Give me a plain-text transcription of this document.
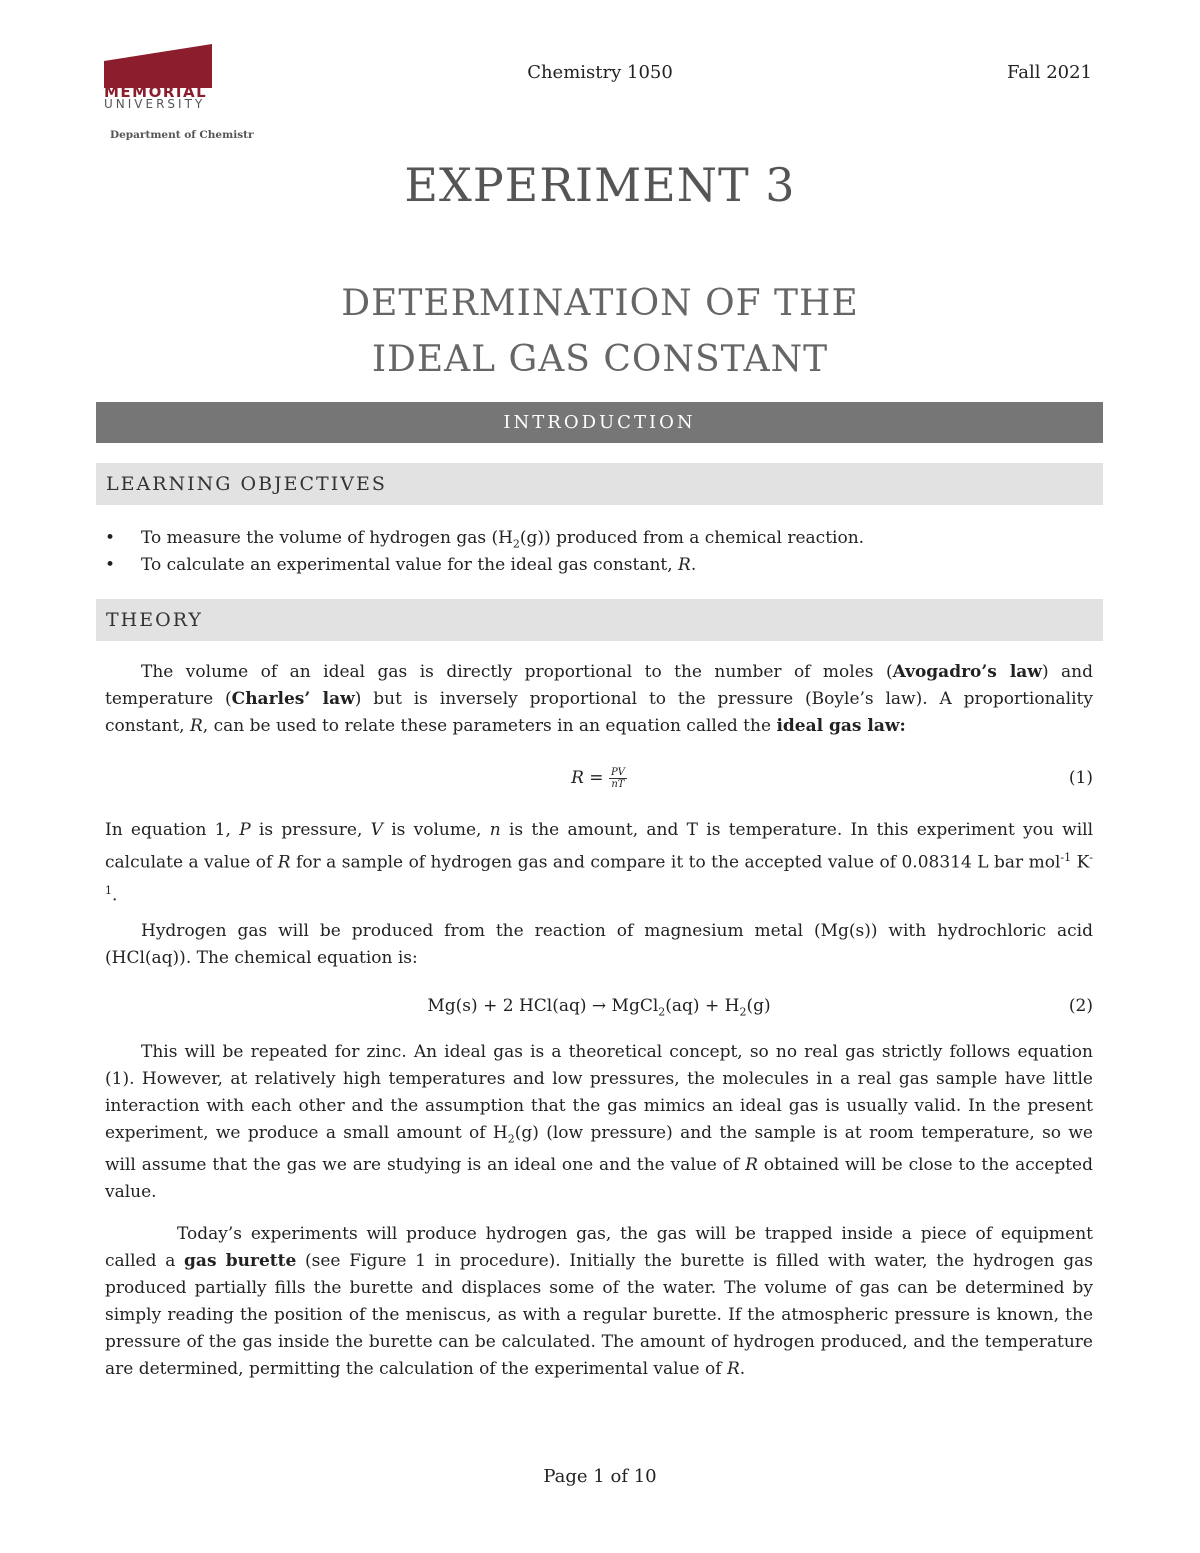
MEMORIAL
UNIVERSITY
Department of Chemistry
Chemistry 1050	Fall 2021
EXPERIMENT 3
DETERMINATION OF THE
IDEAL GAS CONSTANT
INTRODUCTION
LEARNING OBJECTIVES
• To measure the volume of hydrogen gas $(H_2(g))$ produced from a chemical reaction.
• To calculate an experimental value for the ideal gas constant, R.
THEORY
The volume of an ideal gas is directly proportional to the number of moles (Avogadro’s law) and temperature (Charles’ law) but is inversely proportional to the pressure (Boyle’s law). A proportionality constant, R, can be used to relate these parameters in an equation called the ideal gas law:
$R = \frac{PV}{nT}$	(1)
In equation 1, P is pressure, V is volume, n is the amount, and T is temperature. In this experiment you will calculate a value of R for a sample of hydrogen gas and compare it to the accepted value of 0.08314 L bar mol$^{-1}$ $K^{-1}$.
Hydrogen gas will be produced from the reaction of magnesium metal (Mg(s)) with hydrochloric acid (HCl(aq)). The chemical equation is:
Mg(s) + 2 HCl(aq) → MgCl$_2$(aq) + $H_2(g)$	(2)
This will be repeated for zinc. An ideal gas is a theoretical concept, so no real gas strictly follows equation (1). However, at relatively high temperatures and low pressures, the molecules in a real gas sample have little interaction with each other and the assumption that the gas mimics an ideal gas is usually valid. In the present experiment, we produce a small amount of $H_2(g)$ (low pressure) and the sample is at room temperature, so we will assume that the gas we are studying is an ideal one and the value of R obtained will be close to the accepted value.
Today’s experiments will produce hydrogen gas, the gas will be trapped inside a piece of equipment called a gas burette (see Figure 1 in procedure). Initially the burette is filled with water, the hydrogen gas produced partially fills the burette and displaces some of the water. The volume of gas can be determined by simply reading the position of the meniscus, as with a regular burette. If the atmospheric pressure is known, the pressure of the gas inside the burette can be calculated. The amount of hydrogen produced, and the temperature are determined, permitting the calculation of the experimental value of R.
Page 1 of 10
